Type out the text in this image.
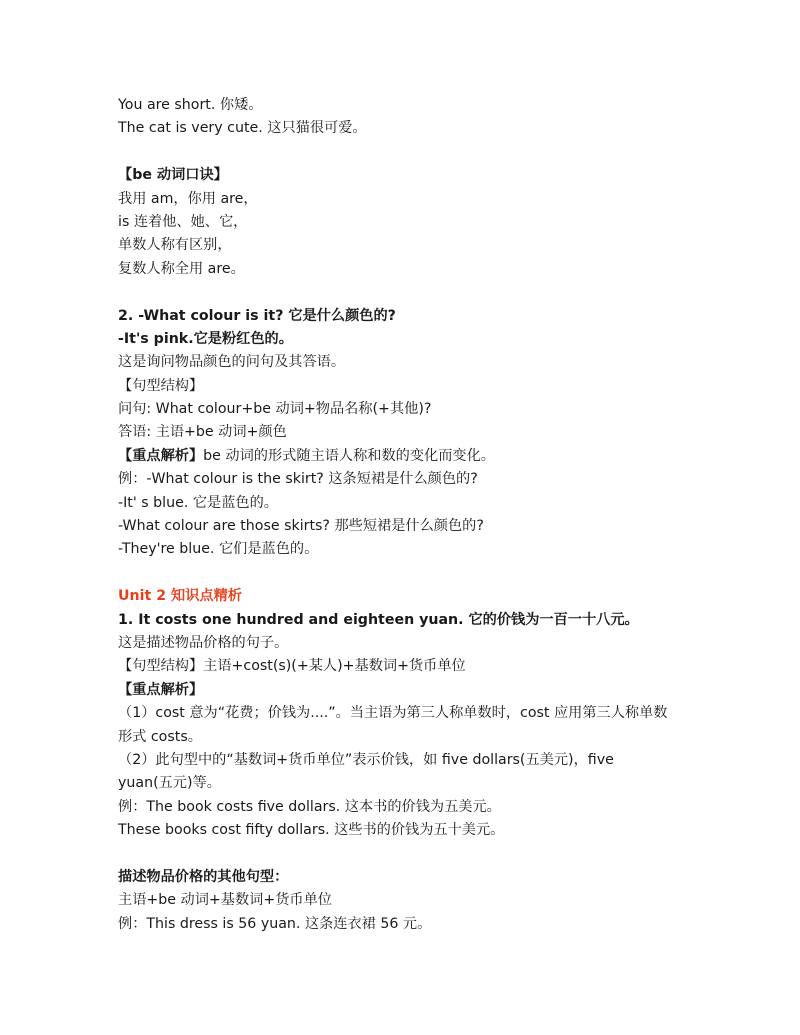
You are short. 你矮。
The cat is very cute. 这只猫很可爱。
【be 动词口诀】
我用 am，你用 are，
is 连着他、她、它，
单数人称有区别，
复数人称全用 are。
2. -What colour is it? 它是什么颜色的?
-It's pink.它是粉红色的。
这是询问物品颜色的问句及其答语。
【句型结构】
问句: What colour+be 动词+物品名称(+其他)?
答语: 主语+be 动词+颜色
【重点解析】be 动词的形式随主语人称和数的变化而变化。
例：-What colour is the skirt? 这条短裙是什么颜色的?
-It' s blue. 它是蓝色的。
-What colour are those skirts? 那些短裙是什么颜色的?
-They're blue. 它们是蓝色的。
Unit 2 知识点精析
1. It costs one hundred and eighteen yuan. 它的价钱为一百一十八元。
这是描述物品价格的句子。
【句型结构】主语+cost(s)(+某人)+基数词+货币单位
【重点解析】
（1）cost 意为“花费；价钱为....”。当主语为第三人称单数时，cost 应用第三人称单数
形式 costs。
（2）此句型中的“基数词+货币单位”表示价钱，如 five dollars(五美元)，five
yuan(五元)等。
例：The book costs five dollars. 这本书的价钱为五美元。
These books cost fifty dollars. 这些书的价钱为五十美元。
描述物品价格的其他句型：
主语+be 动词+基数词+货币单位
例：This dress is 56 yuan. 这条连衣裙 56 元。
